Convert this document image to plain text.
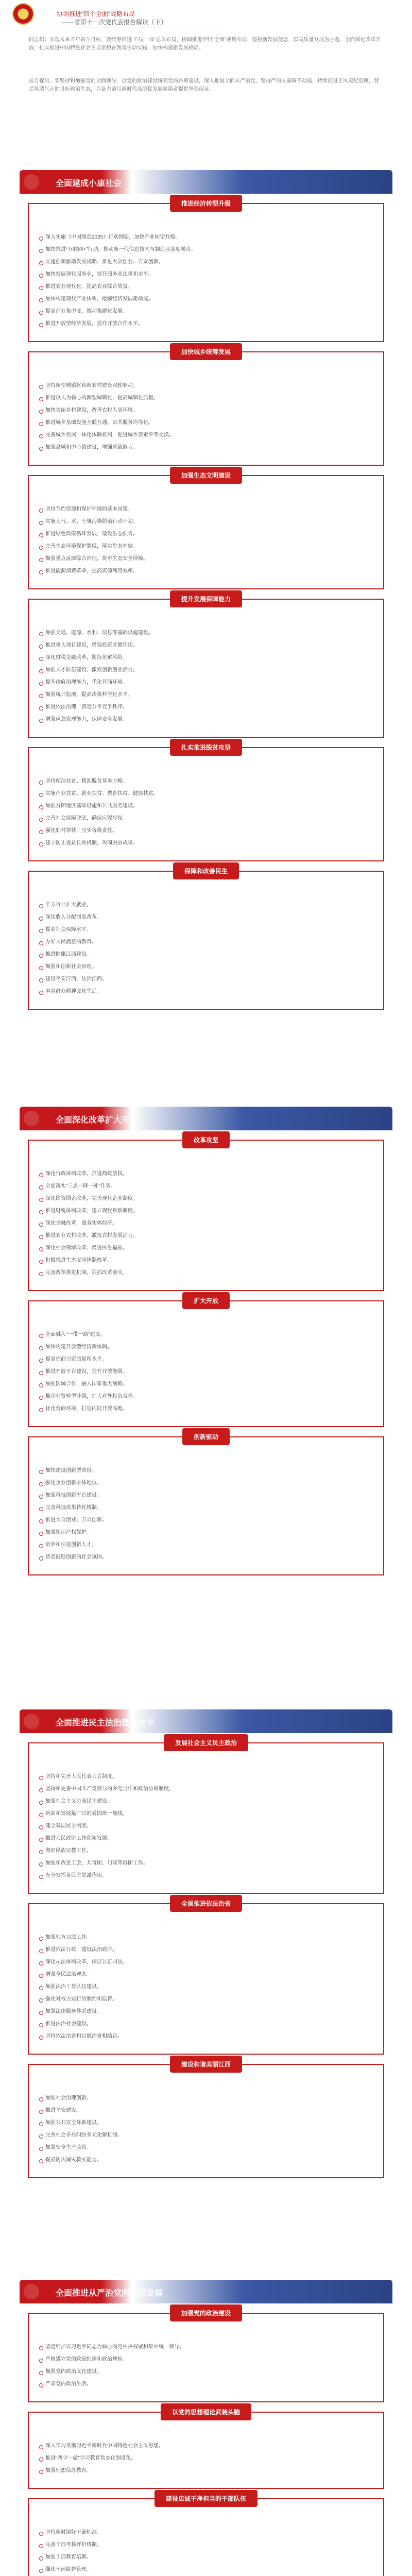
协调推进“四个全面”战略布局
——省第十一次党代会报告解读（下）

同志们：实现未来五年奋斗目标，要统筹推进“五位一体”总体布局，协调推进“四个全面”战略布局，坚持新发展理念，以高质量发展为主题，全面深化改革开放，扎实推进中国特色社会主义思想在我省生动实践，加快构建新发展格局。

报告提出，要坚持和加强党的全面领导，以党的政治建设统领党的各项建设，深入推进全面从严治党，坚持严的主基调不动摇，持续推进正风肃纪反腐，营造风清气正的良好政治生态，为奋力谱写新时代高质量发展新篇章提供坚强保证。

全面建成小康社会
推进经济转型升级
深入实施《中国制造2025》行动纲要，加快产业转型升级。
加快推进“互联网+”行动，推动新一代信息技术与制造业深度融合。
实施创新驱动发展战略，推进大众创业、万众创新。
加快发展现代服务业，提升服务业比重和水平。
推进农业现代化，提高农业综合效益。
加快构建现代产业体系，增强经济发展新动能。
提高产业集中度，推动集群化发展。
推进开放型经济发展，提升开放合作水平。
加快城乡统筹发展
坚持新型城镇化和新农村建设双轮驱动。
推进以人为核心的新型城镇化，提高城镇化质量。
加快美丽乡村建设，改善农村人居环境。
推进城乡基础设施互联互通、公共服务均等化。
完善城乡发展一体化体制机制，促进城乡要素平等交换。
加强县城和中心镇建设，增强承载能力。
加强生态文明建设
坚持节约资源和保护环境的基本国策。
实施大气、水、土壤污染防治行动计划。
推进绿色低碳循环发展，建设生态强省。
完善生态环境保护制度，落实生态补偿。
加强重点流域综合治理，筑牢生态安全屏障。
推进能源消费革命，提高资源利用效率。
提升发展保障能力
加强交通、能源、水利、信息等基础设施建设。
推进重大项目建设，增强投资关键作用。
深化财税金融改革，防范化解风险。
加强人才队伍建设，激发创新创业活力。
提升政府治理能力，优化营商环境。
加强统计监测，提高决策科学化水平。
推进依法治理，营造公平竞争秩序。
增强应急管理能力，保障安全发展。
扎实推进脱贫攻坚
坚持精准扶贫、精准脱贫基本方略。
实施产业扶贫、就业扶贫、教育扶贫、健康扶贫。
加强贫困地区基础设施和公共服务建设。
完善社会保障兜底，确保应保尽保。
强化驻村帮扶，压实各级责任。
建立防止返贫长效机制，巩固脱贫成果。
保障和改善民生
千方百计扩大就业。
深化收入分配制度改革。
提高社会保障水平。
办好人民满意的教育。
推进健康江西建设。
加强和创新社会治理。
建设平安江西、法治江西。
丰富群众精神文化生活。
全面深化改革扩大开放
改革攻坚
深化行政体制改革，推进简政放权。
全面落实“三去一降一补”任务。
深化国资国企改革，完善现代企业制度。
推进财税体制改革，建立现代财政制度。
深化金融改革，服务实体经济。
推进农业农村改革，激发农村发展活力。
深化社会领域改革，增进民生福祉。
积极推进生态文明体制改革。
完善改革推进机制，狠抓改革落实。
扩大开放
全面融入“一带一路”建设。
加快构建开放型经济新体制。
提高招商引资质量和水平。
推进开放平台建设，提升开放能级。
加强区域合作，融入国家重大战略。
推动外贸转型升级，扩大对外投资合作。
优化营商环境，打造内陆开放高地。
创新驱动
加快建设创新型省份。
强化企业创新主体地位。
加强科技创新平台建设。
完善科技成果转化机制。
推进大众创业、万众创新。
加强知识产权保护。
培养和引进创新人才。
营造鼓励创新的社会氛围。
全面推进民主法治建设水平
发展社会主义民主政治
坚持和完善人民代表大会制度。
坚持和完善中国共产党领导的多党合作和政治协商制度。
加强社会主义协商民主建设。
巩固和发展最广泛的爱国统一战线。
健全基层民主制度。
推进人民政协工作创新发展。
做好民族宗教工作。
加强和改进工会、共青团、妇联等群团工作。
充分发挥各民主党派作用。
全面推进依法治省
加强地方立法工作。
推进依法行政，建设法治政府。
深化司法体制改革，保证公正司法。
增强全民法治观念。
加强法治工作队伍建设。
强化对权力运行的制约和监督。
加强法律服务体系建设。
推进法治社会建设。
坚持依法治省和以德治省相结合。
建设和谐美丽江西
加强社会治理创新。
推进平安建设。
加强公共安全体系建设。
完善社会矛盾纠纷多元化解机制。
加强安全生产监管。
提高防灾减灾救灾能力。
全面推进从严治党向纵深发展
加强党的政治建设
坚定维护以习近平同志为核心的党中央权威和集中统一领导。
严格遵守党的政治纪律和政治规矩。
加强党内政治文化建设。
严肃党内政治生活。
以党的思想理论武装头脑
深入学习贯彻习近平新时代中国特色社会主义思想。
推进“两学一做”学习教育常态化制度化。
加强理想信念教育。
建设忠诚干净担当的干部队伍
坚持新时期好干部标准。
完善干部考核评价机制。
加强干部教育培训。
强化干部监督管理。
